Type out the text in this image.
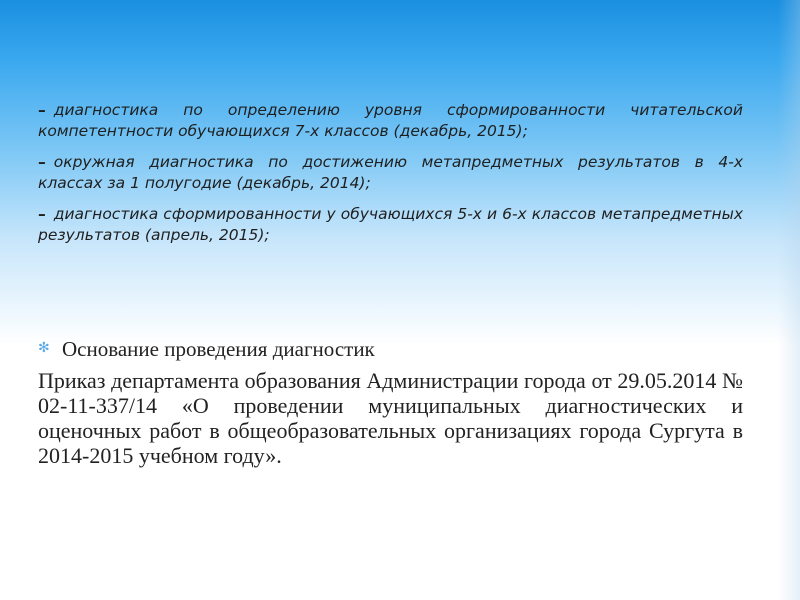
– диагностика по определению уровня сформированности читательской компетентности обучающихся 7-х классов (декабрь, 2015);
– окружная диагностика по достижению метапредметных результатов в 4-х классах за 1 полугодие (декабрь, 2014);
– диагностика сформированности у обучающихся 5-х и 6-х классов метапредметных результатов (апрель, 2015);
✻ Основание проведения диагностик

Приказ департамента образования Администрации города от 29.05.2014 № 02-11-337/14 «О проведении муниципальных диагностических и оценочных работ в общеобразовательных организациях города Сургута в 2014-2015 учебном году».
